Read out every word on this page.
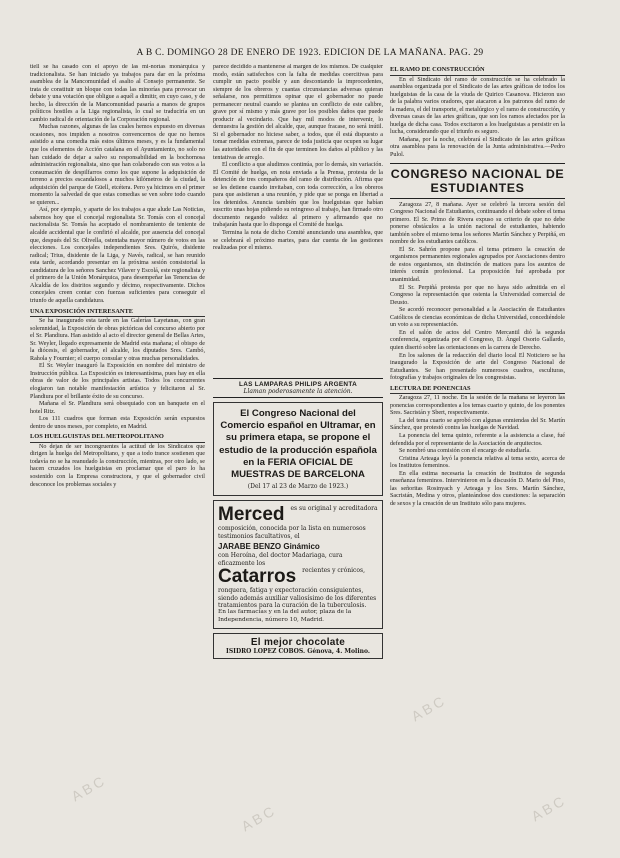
A B C. DOMINGO 28 DE ENERO DE 1923. EDICION DE LA MAÑANA. PAG. 29

tiell se ha casado con el apoyo de las mi-norías monárquica y tradicionalista. Se han iniciado ya trabajos para dar en la próxima asamblea de la Mancomunidad el asalto al Consejo permanente. Se trata de constituir un bloque con todas las minorías para provocar un debate y una votación que obligue a aquél a dimitir, en cuyo caso, y de hecho, la dirección de la Mancomunidad pasaría a manos de grupos políticos hostiles a la Liga regionalista, lo cual se traduciría en un cambio radical de orientación de la Corporación regional.

Muchas razones, algunas de las cuales hemos expuesto en diversas ocasiones, nos impiden a nosotros convencernos de que no hemos asistido a una comedia más estos últimos meses, y es la fundamental que los elementos de Acción catalana en el Ayuntamiento, no solo no han cuidado de dejar a salvo su responsabilidad en la bochornosa administración regionalista, sino que han colaborado con sus votos a la consumación de despilfarros como los que supone la adquisición de terreno a precios escandalosos a muchos kilómetros de la ciudad, la adquisición del parque de Güell, etcétera. Pero ya hicimos en el primer momento la salvedad de que estas comedias se ven sobre todo cuando se quieren...

Así, por ejemplo, y aparte de los trabajos a que alude Las Noticias, sabemos hoy que el concejal regionalista Sr. Tomás con el concejal nacionalista Sr. Tomás ha aceptado el nombramiento de teniente de alcalde accidental que le confirió el alcalde, por ausencia del concejal que, después del Sr. Olivella, ostentaba mayor número de votos en las elecciones. Los concejales independientes Sres. Quirós, disidente radical; Trius, disidente de la Liga, y Navés, radical, se han reunido esta tarde, acordando presentar en la próxima sesión consistorial la candidatura de los señores Sanchez Vilaver y Escolá, este regionalista y el primero de la Unión Monárquica, para desempeñar las Tenencias de Alcaldía de los distritos segundo y décimo, respectivamente. Dichos concejales creen contar con fuerzas suficientes para conseguir el triunfo de aquella candidatura.

UNA EXPOSICIÓN INTERESANTE

Se ha inaugurado esta tarde en las Galerías Layetanas, con gran solemnidad, la Exposición de obras pictóricas del concurso abierto por el Sr. Plandiura. Han asistido al acto el director general de Bellas Artes, Sr. Weyler, llegado expresamente de Madrid esta mañana; el obispo de la diócesis, el gobernador, el alcalde, los diputados Sres. Cambó, Rahola y Fournier; el cuerpo consular y otras muchas personalidades.

El Sr. Weyler inauguró la Exposición en nombre del ministro de Instrucción pública. La Exposición es interesantísima, pues hay en ella obras de valor de los principales artistas. Todos los concurrentes elogiaron tan notable manifestación artística y felicitaron al Sr. Plandiura por el brillante éxito de su concurso.

Mañana el Sr. Plandiura será obsequiado con un banquete en el hotel Ritz.

Los 111 cuadros que forman esta Exposición serán expuestos dentro de unos meses, por completo, en Madrid.

LOS HUELGUISTAS DEL METROPOLITANO

No dejan de ser incongruentes la actitud de los Sindicatos que dirigen la huelga del Metropolitano, y que a todo trance sostienen que todavía no se ha reanudado la construcción, mientras, por otro lado, se hacen cruzados los huelguistas en proclamar que el paro lo ha sostenido con la Empresa constructora, y que el gobernador civil desconoce los problemas sociales y

parece decidido a mantenerse al margen de los mismos. De cualquier modo, están satisfechos con la falta de medidas coercitivas para cumplir un pacto posible y aun descontando la improcedentes, siempre de los obreros y cuantas circunstancias adversas quieran señalarse, nos permitimos opinar que el gobernador no puede permanecer neutral cuando se plantea un conflicto de este calibre, grave por sí mismo y más grave por los posibles daños que puede producir al vecindario. Que hay mil modos de intervenir, lo demuestra la gestión del alcalde, que, aunque fracase, no será inútil. Si el gobernador no hiciese saber, a todos, que él está dispuesto a tomar medidas extremas, parece de toda justicia que ocupen su lugar las autoridades con el fin de que terminen los daños al público y las tentativas de arreglo.

El conflicto a que aludimos continúa, por lo demás, sin variación. El Comité de huelga, en nota enviada a la Prensa, protesta de la detención de tres compañeros del ramo de distribución. Afirma que se les detiene cuando invitaban, con toda corrección, a los obreros para que asistieran a una reunión, y pide que se ponga en libertad a los detenidos. Anuncia también que los huelguistas que habían suscrito unas hojas pidiendo su reingreso al trabajo, han firmado otro documento negando validez al primero y afirmando que no trabajarán hasta que lo disponga el Comité de huelga.

Termina la nota de dicho Comité anunciando una asamblea, que se celebrará el próximo martes, para dar cuenta de las gestiones realizadas por el mismo.

LAS LAMPARAS PHILIPS ARGENTA
Llaman poderosamente la atención.
El Congreso Nacional del Comercio español en Ultramar, en su primera etapa, se propone el estudio de la producción española en la FERIA OFICIAL DE MUESTRAS DE BARCELONA
(Del 17 al 23 de Marzo de 1923.)
Merced es su original y acreditadora composición, conocida por la lista en numerosos testimonios facultativos, el
JARABE BENZO Ginámico
con Heroína, del doctor Madariaga, cura eficazmente los
Catarros recientes y crónicos, ronquera, fatiga y expectoración consiguientes, siendo además auxiliar valiosísimo de los diferentes tratamientos para la curación de la tuberculosis.
En las farmacias y en la del autor, plaza de la Independencia, número 10, Madrid.
El mejor chocolate
ISIDRO LOPEZ COBOS. Génova, 4. Molino.
EL RAMO DE CONSTRUCCIÓN

En el Sindicato del ramo de construcción se ha celebrado la asamblea organizada por el Sindicato de las artes gráficas de todos los huelguistas de la casa de la viuda de Quirico Casanova. Hicieron uso de la palabra varios oradores, que atacaron a los patronos del ramo de la madera, el del transporte, el metalúrgico y el ramo de construcción, y diversas casas de las artes gráficas, que son los ramos afectados por la huelga de dicha casa. Todos excitaron a los huelguistas a persistir en la lucha, considerando que el triunfo es seguro.

Mañana, por la noche, celebrará el Sindicato de las artes gráficas otra asamblea para la renovación de la Junta administrativa.—Pedro Pulol.

CONGRESO NACIONAL DE ESTUDIANTES

Zaragoza 27, 8 mañana. Ayer se celebró la tercera sesión del Congreso Nacional de Estudiantes, continuando el debate sobre el tema primero. El Sr. Primo de Rivera expuso su criterio de que no debe ponerse obstáculos a la unión nacional de estudiantes, habiendo también sobre el mismo tema los señores Martín Sánchez y Perpiñá, en nombre de los estudiantes católicos.

El Sr. Sahrón propone para el tema primero la creación de organismos permanentes regionales agrupados por Asociaciones dentro de estos organismos, sin distinción de matices para los asuntos de interés común profesional. La proposición fué aprobada por unanimidad.

El Sr. Perpiñá protesta por que no haya sido admitida en el Congreso la representación que ostenta la Universidad comercial de Deusto.

Se acordó reconocer personalidad a la Asociación de Estudiantes Católicos de ciencias económicas de dicha Universidad, concediéndole un voto a su representación.

En el salón de actos del Centro Mercantil dió la segunda conferencia, organizada por el Congreso, D. Ángel Osorio Gallardo, quien disertó sobre las orientaciones en la carrera de Derecho.

En los salones de la redacción del diario local El Noticiero se ha inaugurado la Exposición de arte del Congreso Nacional de Estudiantes. Se han presentado numerosos cuadros, esculturas, fotografías y trabajos originales de los congresistas.

LECTURA DE PONENCIAS

Zaragoza 27, 11 noche. En la sesión de la mañana se leyeron las ponencias correspondientes a los temas cuarto y quinto, de los ponentes Sres. Sacristán y Sbert, respectivamente.

La del tema cuarto se aprobó con algunas enmiendas del Sr. Martín Sánchez, que protestó contra las huelgas de Navidad.

La ponencia del tema quinto, referente a la asistencia a clase, fué defendida por el representante de la Asociación de arquitectos.

Se nombró una comisión con el encargo de estudiarla.

Cristina Arteaga leyó la ponencia relativa al tema sexto, acerca de los Institutos femeninos.

En ella estima necesaria la creación de Institutos de segunda enseñanza femeninos. Intervinieron en la discusión D. Mario del Pino, las señoritas Rosinyach y Arteaga y los Sres. Martín Sánchez, Sacristán, Medina y otros, planteándose dos cuestiones: la separación de sexos y la creación de un Instituto sólo para mujeres.

ABC
ABC
ABC
ABC
